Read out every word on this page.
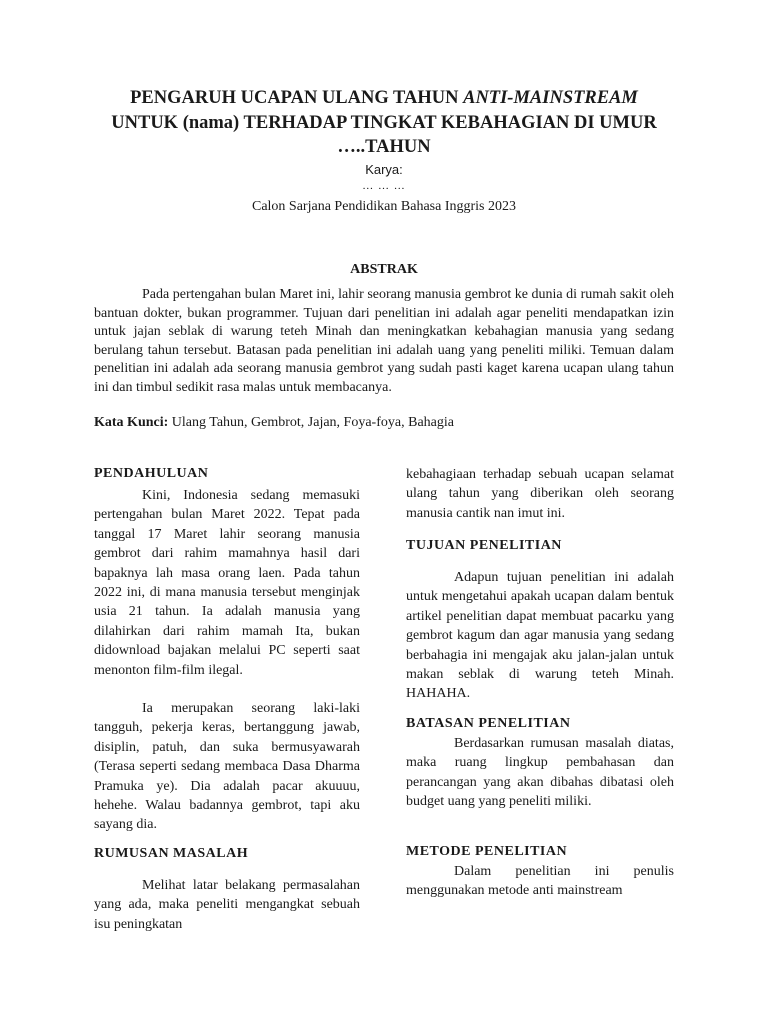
PENGARUH UCAPAN ULANG TAHUN ANTI-MAINSTREAM
UNTUK (nama) TERHADAP TINGKAT KEBAHAGIAN DI UMUR
…..TAHUN
Karya:
… … …
Calon Sarjana Pendidikan Bahasa Inggris 2023
ABSTRAK

Pada pertengahan bulan Maret ini, lahir seorang manusia gembrot ke dunia di rumah sakit oleh bantuan dokter, bukan programmer. Tujuan dari penelitian ini adalah agar peneliti mendapatkan izin untuk jajan seblak di warung teteh Minah dan meningkatkan kebahagian manusia yang sedang berulang tahun tersebut. Batasan pada penelitian ini adalah uang yang peneliti miliki. Temuan dalam penelitian ini adalah ada seorang manusia gembrot yang sudah pasti kaget karena ucapan ulang tahun ini dan timbul sedikit rasa malas untuk membacanya.

Kata Kunci: Ulang Tahun, Gembrot, Jajan, Foya-foya, Bahagia
PENDAHULUAN

Kini, Indonesia sedang memasuki pertengahan bulan Maret 2022. Tepat pada tanggal 17 Maret lahir seorang manusia gembrot dari rahim mamahnya hasil dari bapaknya lah masa orang laen. Pada tahun 2022 ini, di mana manusia tersebut menginjak usia 21 tahun. Ia adalah manusia yang dilahirkan dari rahim mamah Ita, bukan didownload bajakan melalui PC seperti saat menonton film-film ilegal.

Ia merupakan seorang laki-laki tangguh, pekerja keras, bertanggung jawab, disiplin, patuh, dan suka bermusyawarah (Terasa seperti sedang membaca Dasa Dharma Pramuka ye). Dia adalah pacar akuuuu, hehehe. Walau badannya gembrot, tapi aku sayang dia.

RUMUSAN MASALAH

Melihat latar belakang permasalahan yang ada, maka peneliti mengangkat sebuah isu peningkatan

kebahagiaan terhadap sebuah ucapan selamat ulang tahun yang diberikan oleh seorang manusia cantik nan imut ini.

TUJUAN PENELITIAN

Adapun tujuan penelitian ini adalah untuk mengetahui apakah ucapan dalam bentuk artikel penelitian dapat membuat pacarku yang gembrot kagum dan agar manusia yang sedang berbahagia ini mengajak aku jalan-jalan untuk makan seblak di warung teteh Minah. HAHAHA.

BATASAN PENELITIAN

Berdasarkan rumusan masalah diatas, maka ruang lingkup pembahasan dan perancangan yang akan dibahas dibatasi oleh budget uang yang peneliti miliki.

METODE PENELITIAN

Dalam penelitian ini penulis menggunakan metode anti mainstream
